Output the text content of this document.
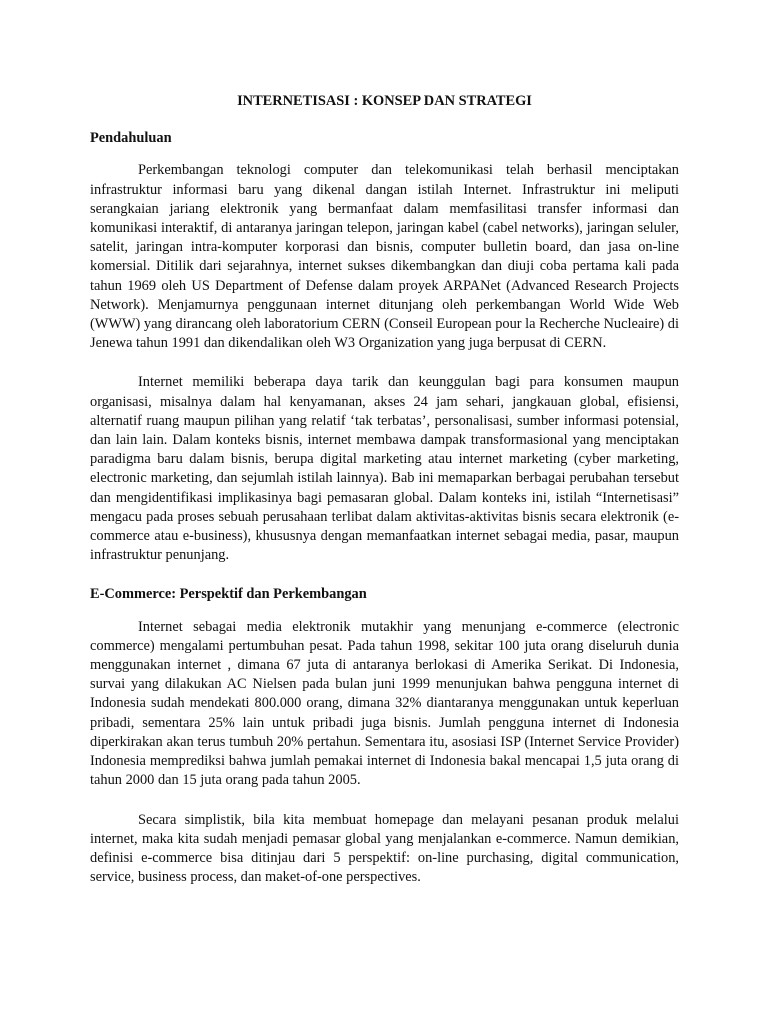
INTERNETISASI : KONSEP DAN STRATEGI
Pendahuluan

Perkembangan teknologi computer dan telekomunikasi telah berhasil menciptakan infrastruktur informasi baru yang dikenal dangan istilah Internet. Infrastruktur ini meliputi serangkaian jariang elektronik yang bermanfaat dalam memfasilitasi transfer informasi dan komunikasi interaktif, di antaranya jaringan telepon, jaringan kabel (cabel networks), jaringan seluler, satelit, jaringan intra-komputer korporasi dan bisnis, computer bulletin board, dan jasa on-line komersial. Ditilik dari sejarahnya, internet sukses dikembangkan dan diuji coba pertama kali pada tahun 1969 oleh US Department of Defense dalam proyek ARPANet (Advanced Research Projects Network). Menjamurnya penggunaan internet ditunjang oleh perkembangan World Wide Web (WWW) yang dirancang oleh laboratorium CERN (Conseil European pour la Recherche Nucleaire) di Jenewa tahun 1991 dan dikendalikan oleh W3 Organization yang juga berpusat di CERN.

Internet memiliki beberapa daya tarik dan keunggulan bagi para konsumen maupun organisasi, misalnya dalam hal kenyamanan, akses 24 jam sehari, jangkauan global, efisiensi, alternatif ruang maupun pilihan yang relatif ‘tak terbatas’, personalisasi, sumber informasi potensial, dan lain lain. Dalam konteks bisnis, internet membawa dampak transformasional yang menciptakan paradigma baru dalam bisnis, berupa digital marketing atau internet marketing (cyber marketing, electronic marketing, dan sejumlah istilah lainnya). Bab ini memaparkan berbagai perubahan tersebut dan mengidentifikasi implikasinya bagi pemasaran global. Dalam konteks ini, istilah “Internetisasi” mengacu pada proses sebuah perusahaan terlibat dalam aktivitas-aktivitas bisnis secara elektronik (e-commerce atau e-business), khususnya dengan memanfaatkan internet sebagai media, pasar, maupun infrastruktur penunjang.

E-Commerce: Perspektif dan Perkembangan

Internet sebagai media elektronik mutakhir yang menunjang e-commerce (electronic commerce) mengalami pertumbuhan pesat. Pada tahun 1998, sekitar 100 juta orang diseluruh dunia menggunakan internet , dimana 67 juta di antaranya berlokasi di Amerika Serikat. Di Indonesia, survai yang dilakukan AC Nielsen pada bulan juni 1999 menunjukan bahwa pengguna internet di Indonesia sudah mendekati 800.000 orang, dimana 32% diantaranya menggunakan untuk keperluan pribadi, sementara 25% lain untuk pribadi juga bisnis. Jumlah pengguna internet di Indonesia diperkirakan akan terus tumbuh 20% pertahun. Sementara itu, asosiasi ISP (Internet Service Provider) Indonesia memprediksi bahwa jumlah pemakai internet di Indonesia bakal mencapai 1,5 juta orang di tahun 2000 dan 15 juta orang pada tahun 2005.

Secara simplistik, bila kita membuat homepage dan melayani pesanan produk melalui internet, maka kita sudah menjadi pemasar global yang menjalankan e-commerce. Namun demikian, definisi e-commerce bisa ditinjau dari 5 perspektif: on-line purchasing, digital communication, service, business process, dan maket-of-one perspectives.
